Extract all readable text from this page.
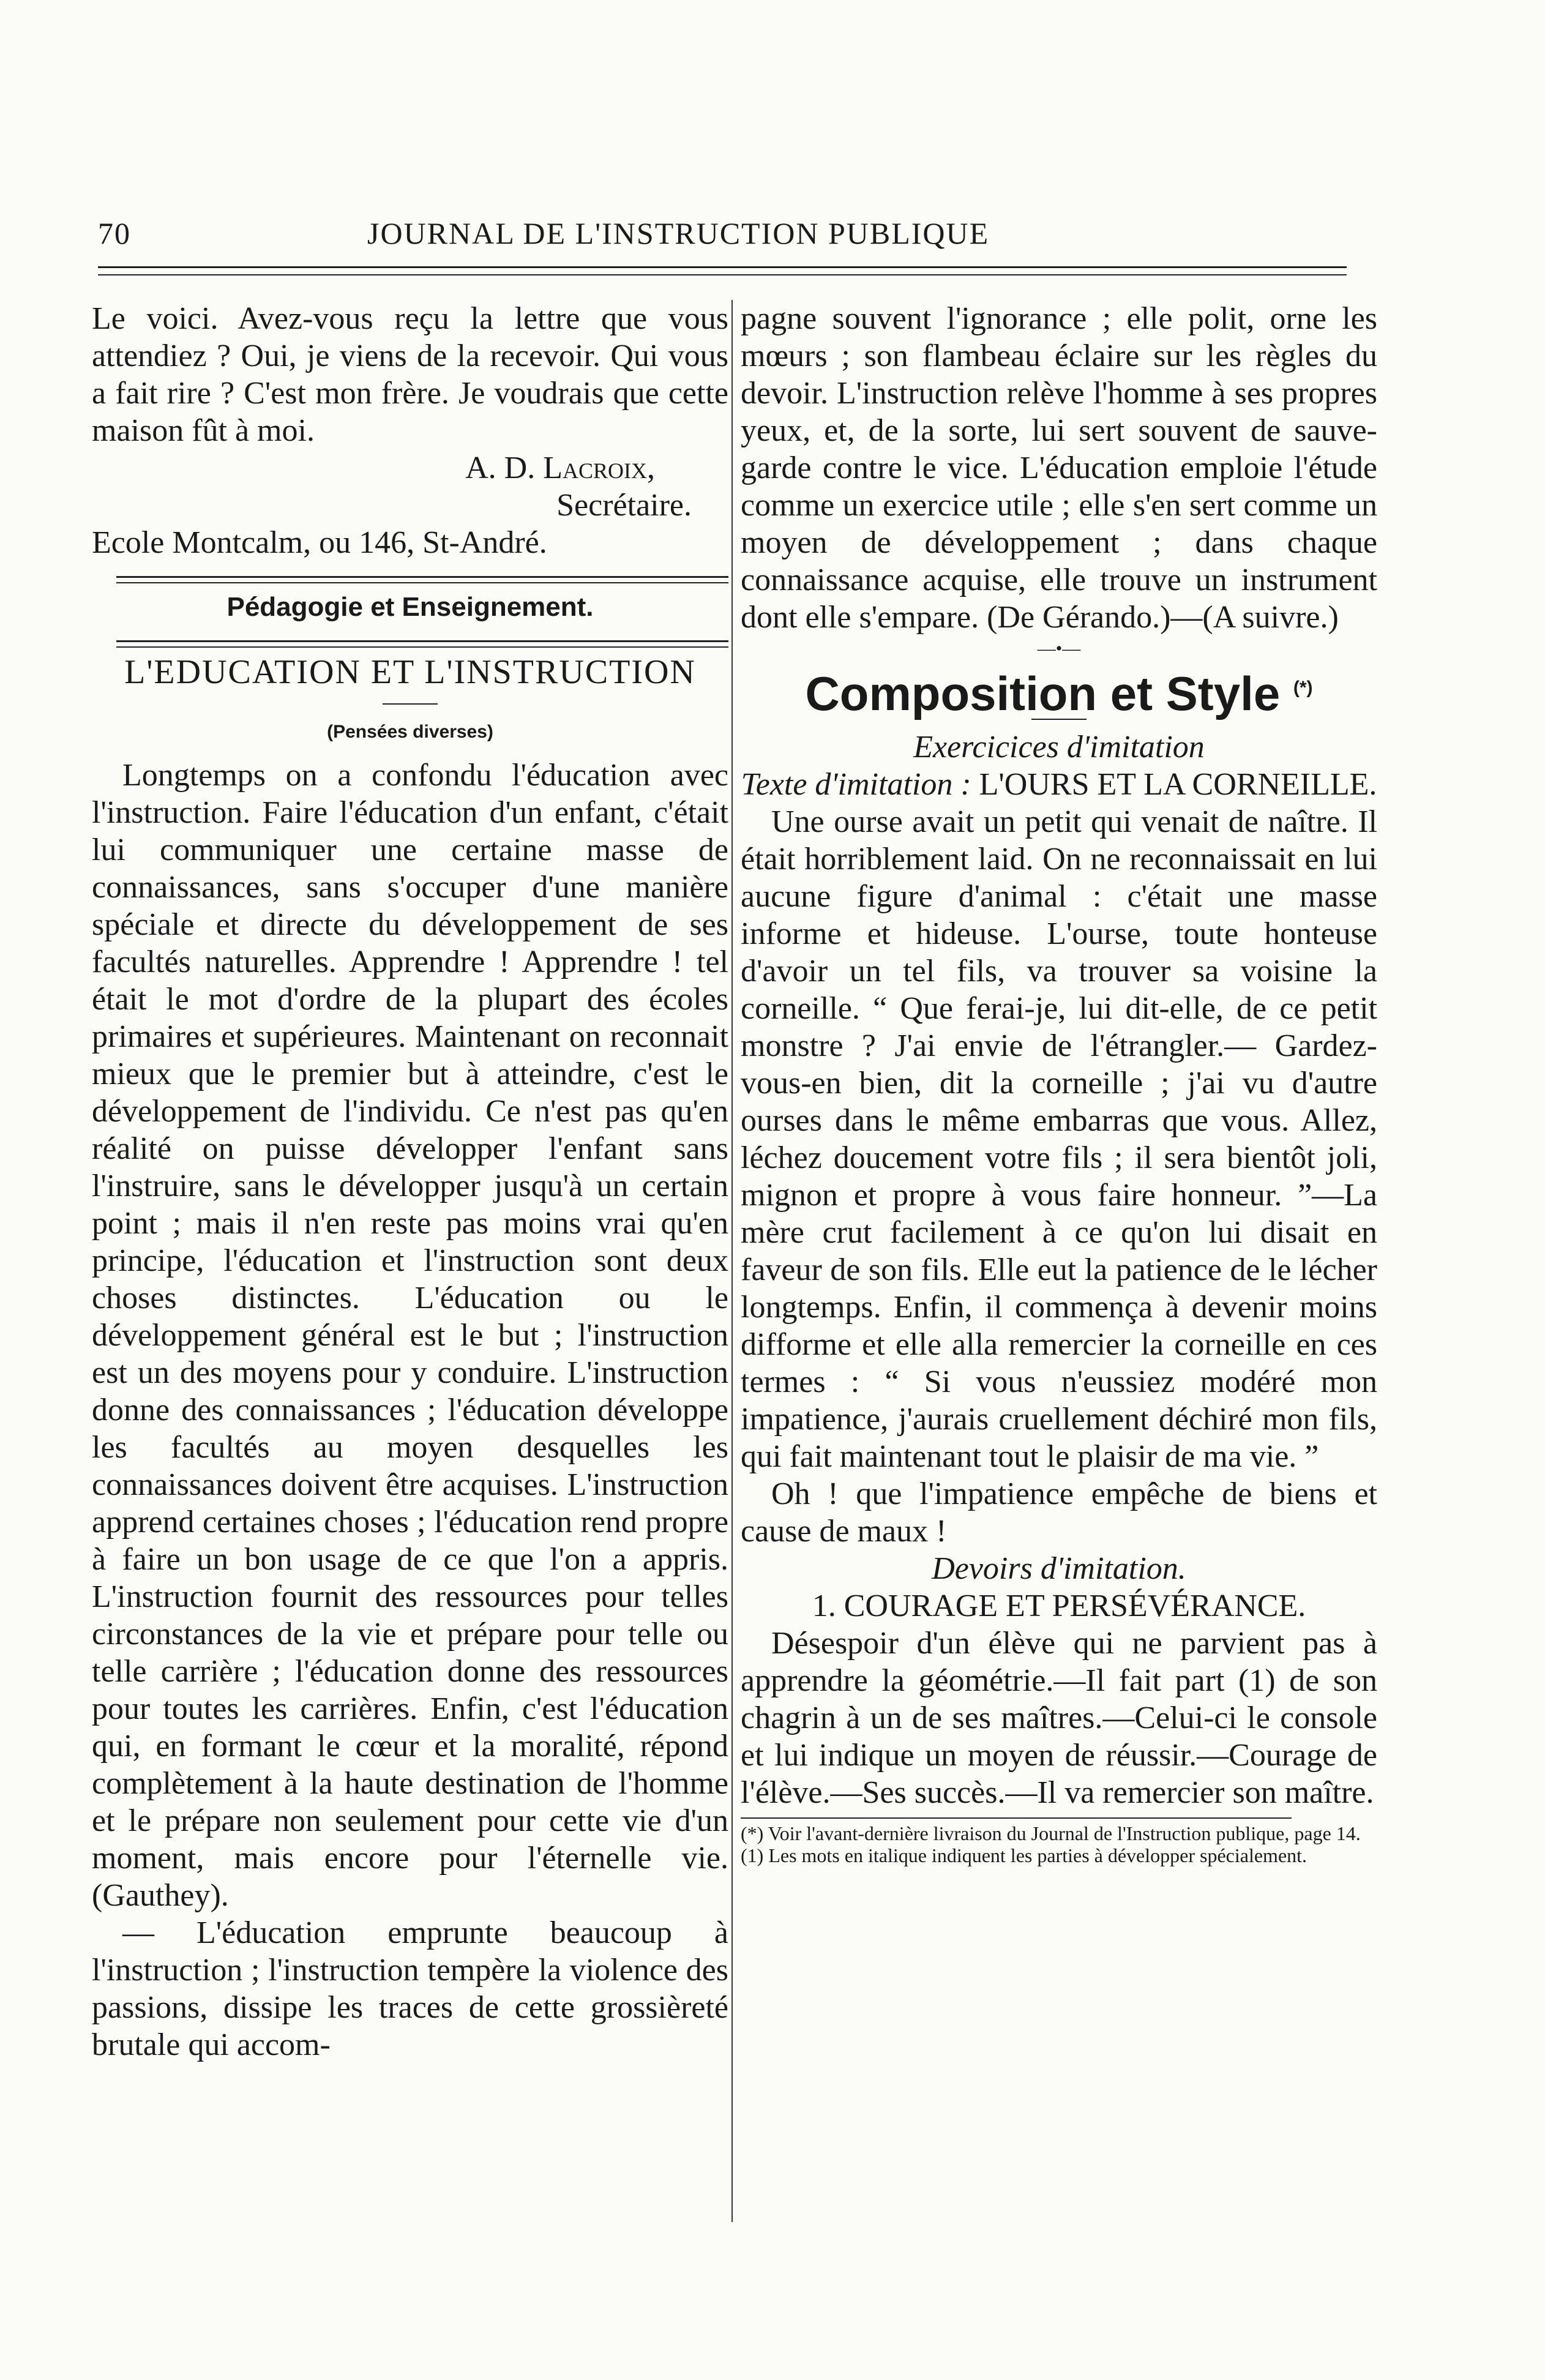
70	JOURNAL DE L'INSTRUCTION PUBLIQUE

Le voici. Avez-vous reçu la lettre que vous attendiez ? Oui, je viens de la recevoir. Qui vous a fait rire ? C'est mon frère. Je voudrais que cette maison fût à moi.

A. D. Lacroix,

Secrétaire.

Ecole Montcalm, ou 146, St-André.

Pédagogie et Enseignement.
L'EDUCATION ET L'INSTRUCTION
(Pensées diverses)

Longtemps on a confondu l'éducation avec l'instruction. Faire l'éducation d'un enfant, c'était lui communiquer une certaine masse de connaissances, sans s'occuper d'une manière spéciale et directe du développement de ses facultés naturelles. Apprendre ! Apprendre ! tel était le mot d'ordre de la plupart des écoles primaires et supérieures. Maintenant on reconnait mieux que le premier but à atteindre, c'est le développement de l'individu. Ce n'est pas qu'en réalité on puisse développer l'enfant sans l'instruire, sans le développer jusqu'à un certain point ; mais il n'en reste pas moins vrai qu'en principe, l'éducation et l'instruction sont deux choses distinctes. L'éducation ou le développement général est le but ; l'instruction est un des moyens pour y conduire. L'instruction donne des connaissances ; l'éducation développe les facultés au moyen desquelles les connaissances doivent être acquises. L'instruction apprend certaines choses ; l'éducation rend propre à faire un bon usage de ce que l'on a appris. L'instruction fournit des ressources pour telles circonstances de la vie et prépare pour telle ou telle carrière ; l'éducation donne des ressources pour toutes les carrières. Enfin, c'est l'éducation qui, en formant le cœur et la moralité, répond complètement à la haute destination de l'homme et le prépare non seulement pour cette vie d'un moment, mais encore pour l'éternelle vie. (Gauthey).

— L'éducation emprunte beaucoup à l'instruction ; l'instruction tempère la violence des passions, dissipe les traces de cette grossièreté brutale qui accom-

pagne souvent l'ignorance ; elle polit, orne les mœurs ; son flambeau éclaire sur les règles du devoir. L'instruction relève l'homme à ses propres yeux, et, de la sorte, lui sert souvent de sauve-garde contre le vice. L'éducation emploie l'étude comme un exercice utile ; elle s'en sert comme un moyen de développement ; dans chaque connaissance acquise, elle trouve un instrument dont elle s'empare. (De Gérando.)—(A suivre.)

—•—
Composition et Style (*)

Exercicices d'imitation

Texte d'imitation : L'OURS ET LA CORNEILLE.

Une ourse avait un petit qui venait de naître. Il était horriblement laid. On ne reconnaissait en lui aucune figure d'animal : c'était une masse informe et hideuse. L'ourse, toute honteuse d'avoir un tel fils, va trouver sa voisine la corneille. “ Que ferai-je, lui dit-elle, de ce petit monstre ? J'ai envie de l'étrangler.— Gardez-vous-en bien, dit la corneille ; j'ai vu d'autre ourses dans le même embarras que vous. Allez, léchez doucement votre fils ; il sera bientôt joli, mignon et propre à vous faire honneur. ”—La mère crut facilement à ce qu'on lui disait en faveur de son fils. Elle eut la patience de le lécher longtemps. Enfin, il commença à devenir moins difforme et elle alla remercier la corneille en ces termes : “ Si vous n'eussiez modéré mon impatience, j'aurais cruellement déchiré mon fils, qui fait maintenant tout le plaisir de ma vie. ”

Oh ! que l'impatience empêche de biens et cause de maux !

Devoirs d'imitation.

1. COURAGE ET PERSÉVÉRANCE.

Désespoir d'un élève qui ne parvient pas à apprendre la géométrie.—Il fait part (1) de son chagrin à un de ses maîtres.—Celui-ci le console et lui indique un moyen de réussir.—Courage de l'élève.—Ses succès.—Il va remercier son maître.

(*) Voir l'avant-dernière livraison du Journal de l'Instruction publique, page 14.

(1) Les mots en italique indiquent les parties à développer spécialement.
